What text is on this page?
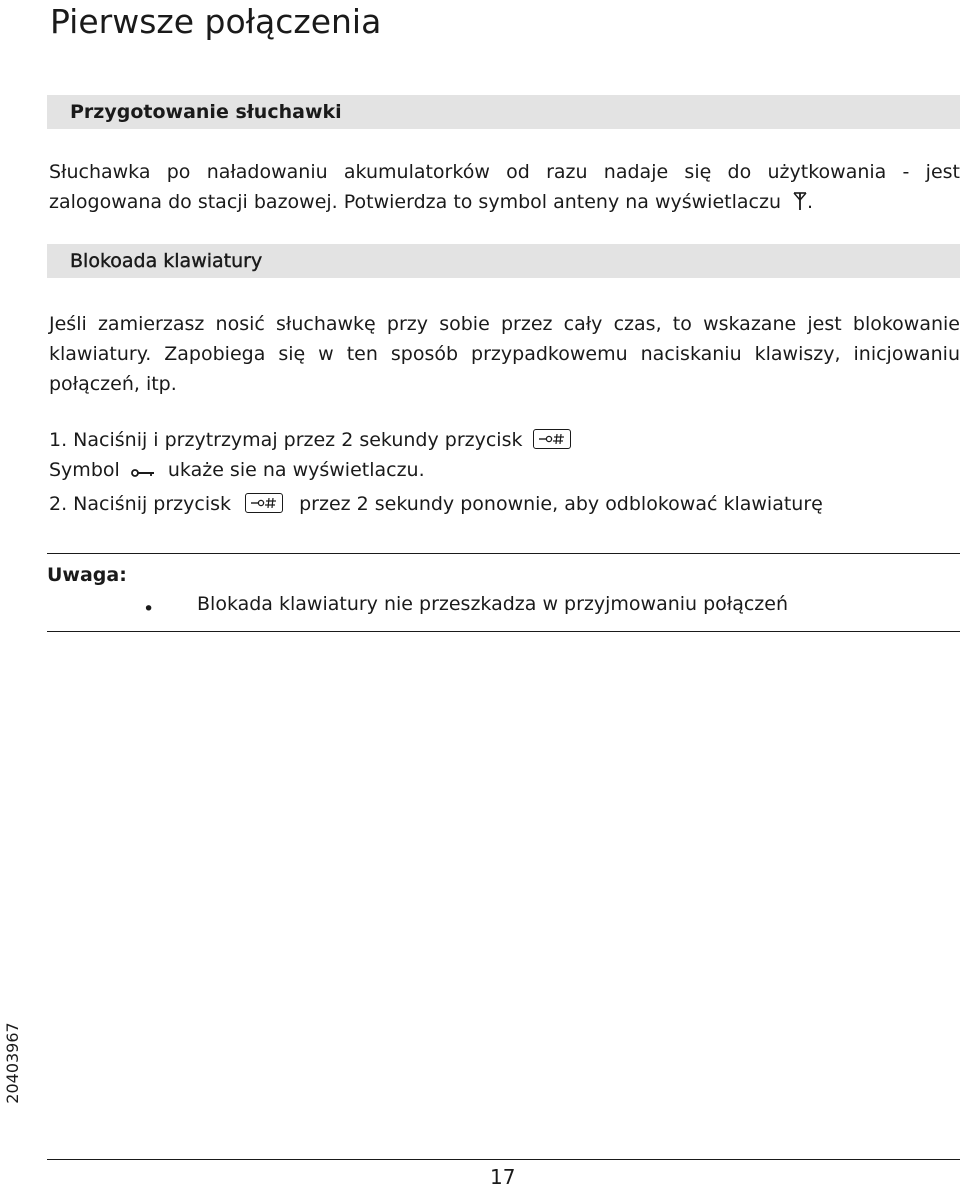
Pierwsze połączenia
Przygotowanie słuchawki
Słuchawka po naładowaniu akumulatorków od razu nadaje się do użytkowania - jest
zalogowana do stacji bazowej. Potwierdza to symbol anteny na wyświetlaczu .
Blokoada klawiatury
Jeśli zamierzasz nosić słuchawkę przy sobie przez cały czas, to wskazane jest blokowanie
klawiatury. Zapobiega się w ten sposób przypadkowemu naciskaniu klawiszy, inicjowaniu
połączeń, itp.
1. Naciśnij i przytrzymaj przez 2 sekundy przycisk
Symbol	ukaże sie na wyświetlaczu.
2. Naciśnij przycisk	przez 2 sekundy ponownie, aby odblokować klawiaturę
Uwaga:
• Blokada klawiatury nie przeszkadza w przyjmowaniu połączeń
20403967
17
